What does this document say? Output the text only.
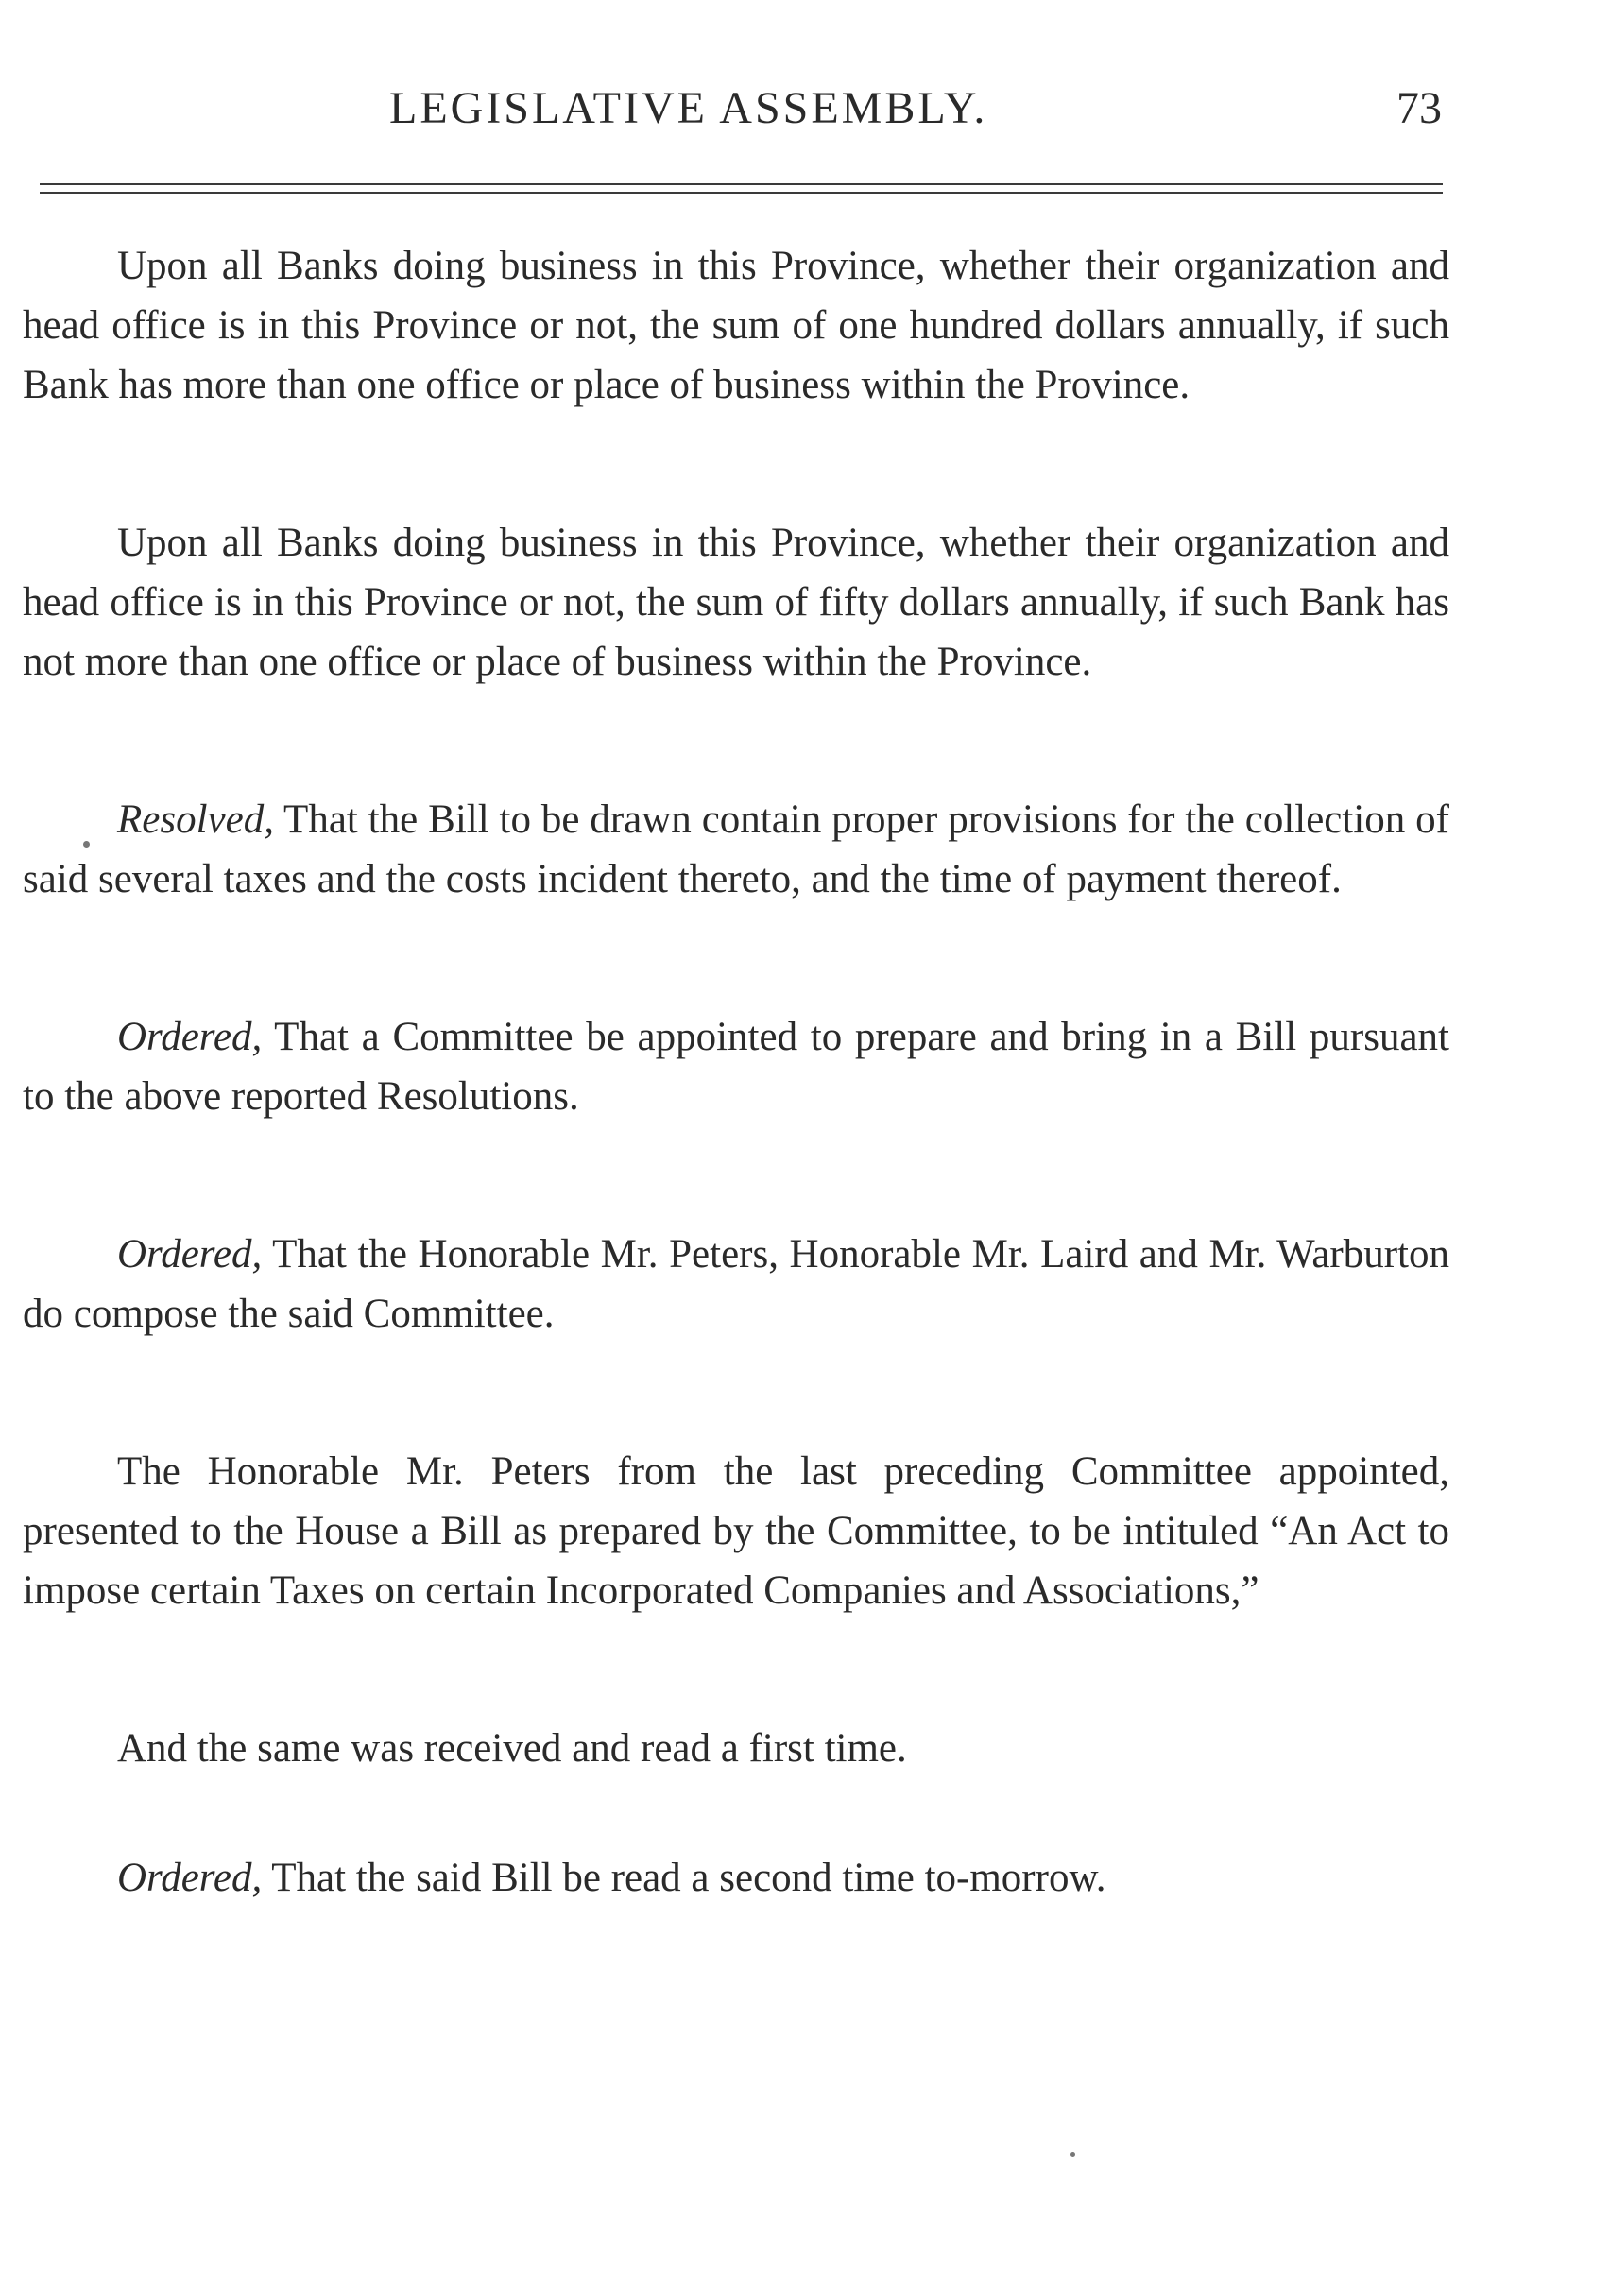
LEGISLATIVE ASSEMBLY.	73

Upon all Banks doing business in this Province, whether their organization and head office is in this Province or not, the sum of one hundred dollars annually, if such Bank has more than one office or place of business within the Province.

Upon all Banks doing business in this Province, whether their organization and head office is in this Province or not, the sum of fifty dollars annually, if such Bank has not more than one office or place of business within the Province.

Resolved, That the Bill to be drawn contain proper provisions for the collection of said several taxes and the costs incident thereto, and the time of payment thereof.

Ordered, That a Committee be appointed to prepare and bring in a Bill pursuant to the above reported Resolutions.

Ordered, That the Honorable Mr. Peters, Honorable Mr. Laird and Mr. Warburton do compose the said Committee.

The Honorable Mr. Peters from the last preceding Committee appointed, presented to the House a Bill as prepared by the Committee, to be intituled “An Act to impose certain Taxes on certain Incorporated Companies and Associations,”

And the same was received and read a first time.

Ordered, That the said Bill be read a second time to-morrow.
